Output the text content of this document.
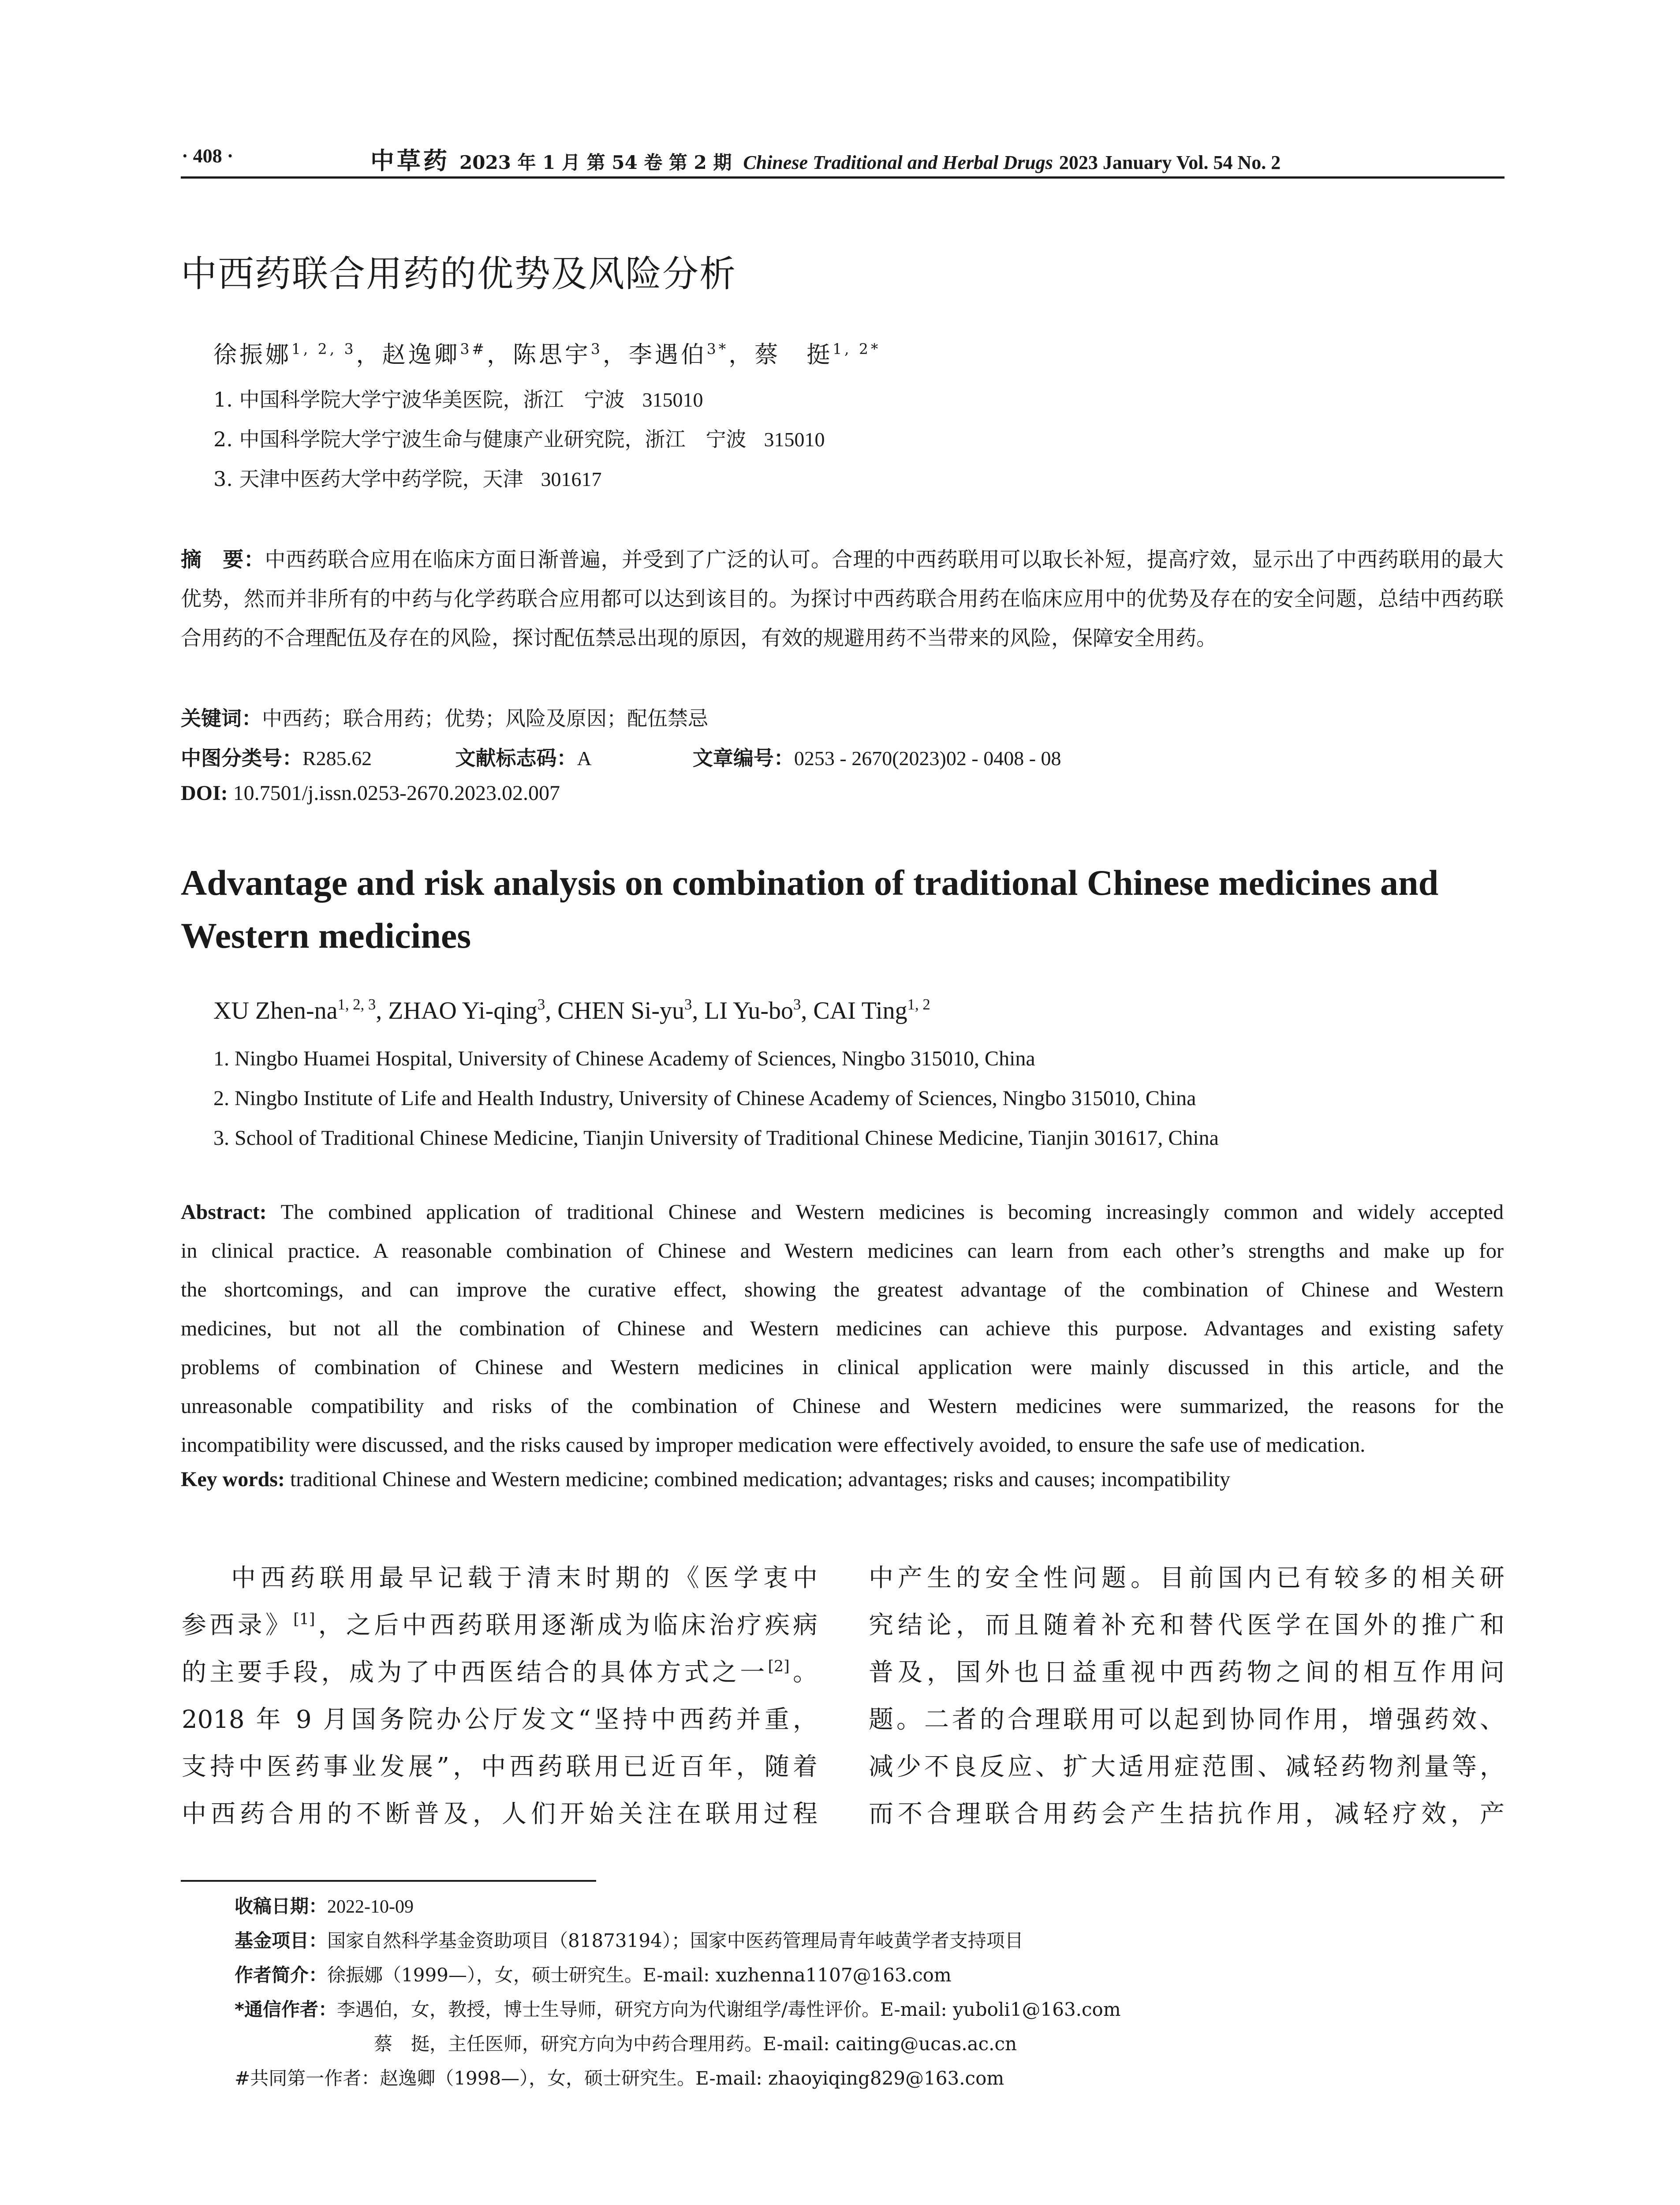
· 408 ·	中草药 2023 年 1 月 第 54 卷 第 2 期 Chinese Traditional and Herbal Drugs 2023 January Vol. 54 No. 2
中西药联合用药的优势及风险分析
徐振娜$^{1, 2, 3}$，赵逸卿$^{3\#}$，陈思宇$^3$，李遇伯$^{3*}$，蔡　挺$^{1, 2*}$
1. 中国科学院大学宁波华美医院，浙江　宁波 315010
2. 中国科学院大学宁波生命与健康产业研究院，浙江　宁波 315010
3. 天津中医药大学中药学院，天津 301617
摘　要：中西药联合应用在临床方面日渐普遍，并受到了广泛的认可。合理的中西药联用可以取长补短，提高疗效，显示出了中西药联用的最大优势，然而并非所有的中药与化学药联合应用都可以达到该目的。为探讨中西药联合用药在临床应用中的优势及存在的安全问题，总结中西药联合用药的不合理配伍及存在的风险，探讨配伍禁忌出现的原因，有效的规避用药不当带来的风险，保障安全用药。
关键词：中西药；联合用药；优势；风险及原因；配伍禁忌
中图分类号：R285.62	文献标志码：A	文章编号：0253 - 2670(2023)02 - 0408 - 08
DOI: 10.7501/j.issn.0253-2670.2023.02.007
Advantage and risk analysis on combination of traditional Chinese medicines and Western medicines
XU Zhen-na$^{1, 2, 3}$, ZHAO Yi-qing$^3$, CHEN $Si-yu^3$, LI $Yu-bo^3$, CAI Ting$^{1, 2}$
1. Ningbo Huamei Hospital, University of Chinese Academy of Sciences, Ningbo 315010, China
2. Ningbo Institute of Life and Health Industry, University of Chinese Academy of Sciences, Ningbo 315010, China
3. School of Traditional Chinese Medicine, Tianjin University of Traditional Chinese Medicine, Tianjin 301617, China
Abstract: The combined application of traditional Chinese and Western medicines is becoming increasingly common and widely accepted
in clinical practice. A reasonable combination of Chinese and Western medicines can learn from each other’s strengths and make up for
the shortcomings, and can improve the curative effect, showing the greatest advantage of the combination of Chinese and Western
medicines, but not all the combination of Chinese and Western medicines can achieve this purpose. Advantages and existing safety
problems of combination of Chinese and Western medicines in clinical application were mainly discussed in this article, and the
unreasonable compatibility and risks of the combination of Chinese and Western medicines were summarized, the reasons for the
incompatibility were discussed, and the risks caused by improper medication were effectively avoided, to ensure the safe use of medication.
Key words: traditional Chinese and Western medicine; combined medication; advantages; risks and causes; incompatibility
中西药联用最早记载于清末时期的《医学衷中
参西录》[1]，之后中西药联用逐渐成为临床治疗疾病
的主要手段，成为了中西医结合的具体方式之一[2]。
2018 年 9 月国务院办公厅发文“坚持中西药并重，
支持中医药事业发展”，中西药联用已近百年，随着
中西药合用的不断普及，人们开始关注在联用过程
中产生的安全性问题。目前国内已有较多的相关研
究结论，而且随着补充和替代医学在国外的推广和
普及，国外也日益重视中西药物之间的相互作用问
题。二者的合理联用可以起到协同作用，增强药效、
减少不良反应、扩大适用症范围、减轻药物剂量等，
而不合理联合用药会产生拮抗作用，减轻疗效，产
收稿日期：2022-10-09
基金项目：国家自然科学基金资助项目（81873194）；国家中医药管理局青年岐黄学者支持项目
作者简介：徐振娜（1999—），女，硕士研究生。E-mail: xuzhenna1107@163.com
*通信作者：李遇伯，女，教授，博士生导师，研究方向为代谢组学/毒性评价。E-mail: yuboli1@163.com
蔡　挺，主任医师，研究方向为中药合理用药。E-mail: caiting@ucas.ac.cn
#共同第一作者：赵逸卿（1998—），女，硕士研究生。E-mail: zhaoyiqing829@163.com
